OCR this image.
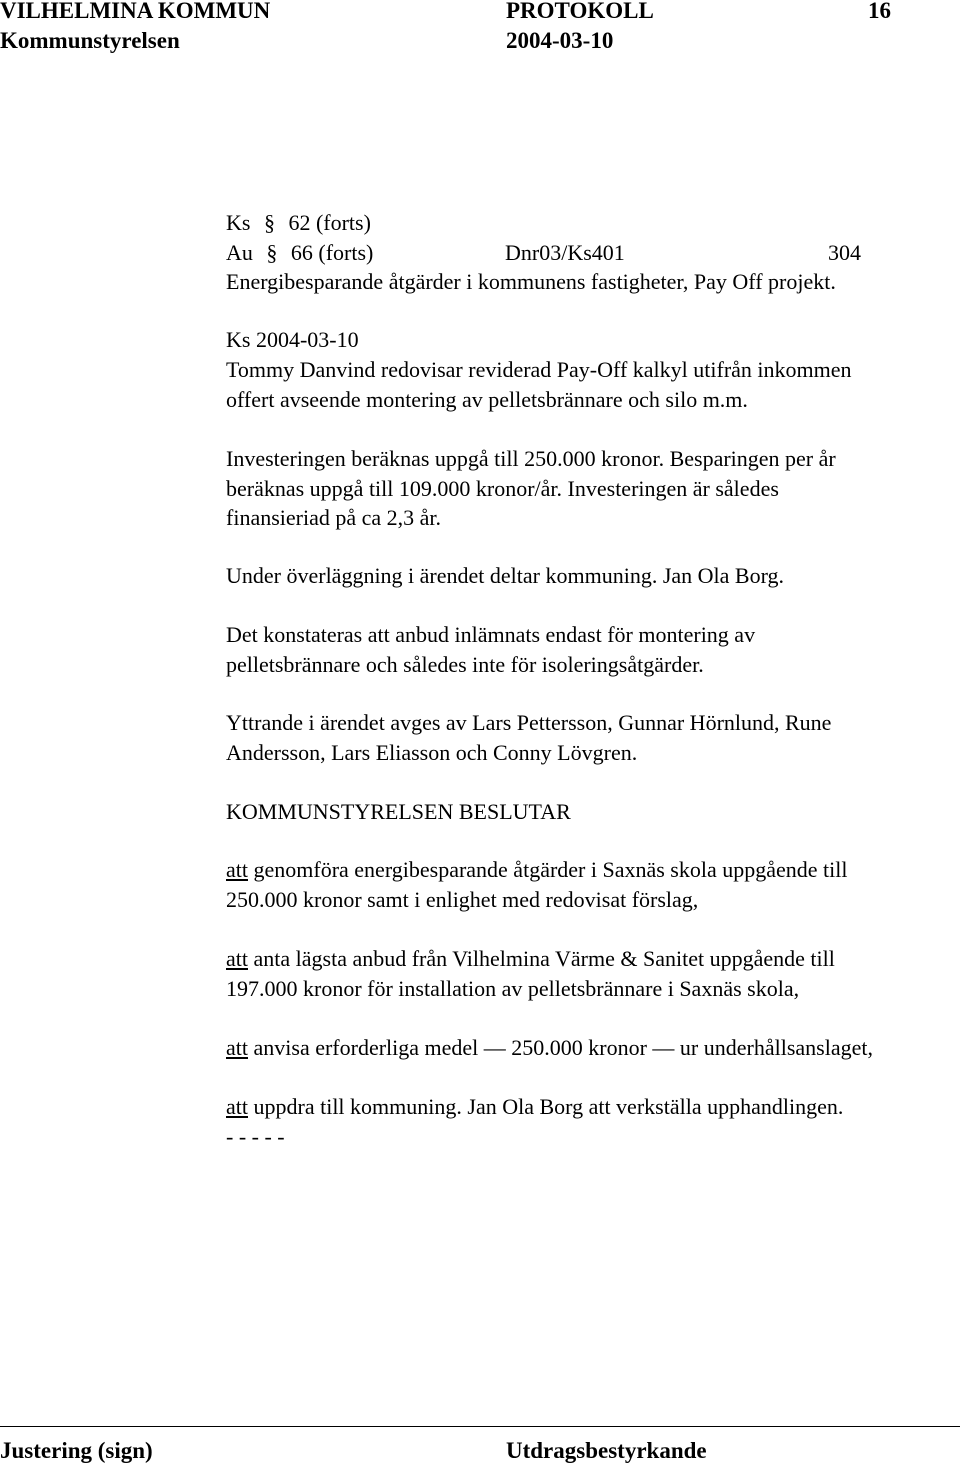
VILHELMINA KOMMUN	PROTOKOLL	16
Kommunstyrelsen	2004-03-10
Ks § 62 (forts)
Au § 66 (forts)	Dnr03/Ks401	304
Energibesparande åtgärder i kommunens fastigheter, Pay Off projekt.
Ks 2004-03-10
Tommy Danvind redovisar reviderad Pay-Off kalkyl utifrån inkommen
offert avseende montering av pelletsbrännare och silo m.m.
Investeringen beräknas uppgå till 250.000 kronor. Besparingen per år
beräknas uppgå till 109.000 kronor/år. Investeringen är således
finansieriad på ca 2,3 år.
Under överläggning i ärendet deltar kommuning. Jan Ola Borg.
Det konstateras att anbud inlämnats endast för montering av
pelletsbrännare och således inte för isoleringsåtgärder.
Yttrande i ärendet avges av Lars Pettersson, Gunnar Hörnlund, Rune
Andersson, Lars Eliasson och Conny Lövgren.
KOMMUNSTYRELSEN BESLUTAR
att genomföra energibesparande åtgärder i Saxnäs skola uppgående till
250.000 kronor samt i enlighet med redovisat förslag,
att anta lägsta anbud från Vilhelmina Värme & Sanitet uppgående till
197.000 kronor för installation av pelletsbrännare i Saxnäs skola,
att anvisa erforderliga medel — 250.000 kronor — ur underhållsanslaget,
att uppdra till kommuning. Jan Ola Borg att verkställa upphandlingen.
- - - - -
Justering (sign)	Utdragsbestyrkande
